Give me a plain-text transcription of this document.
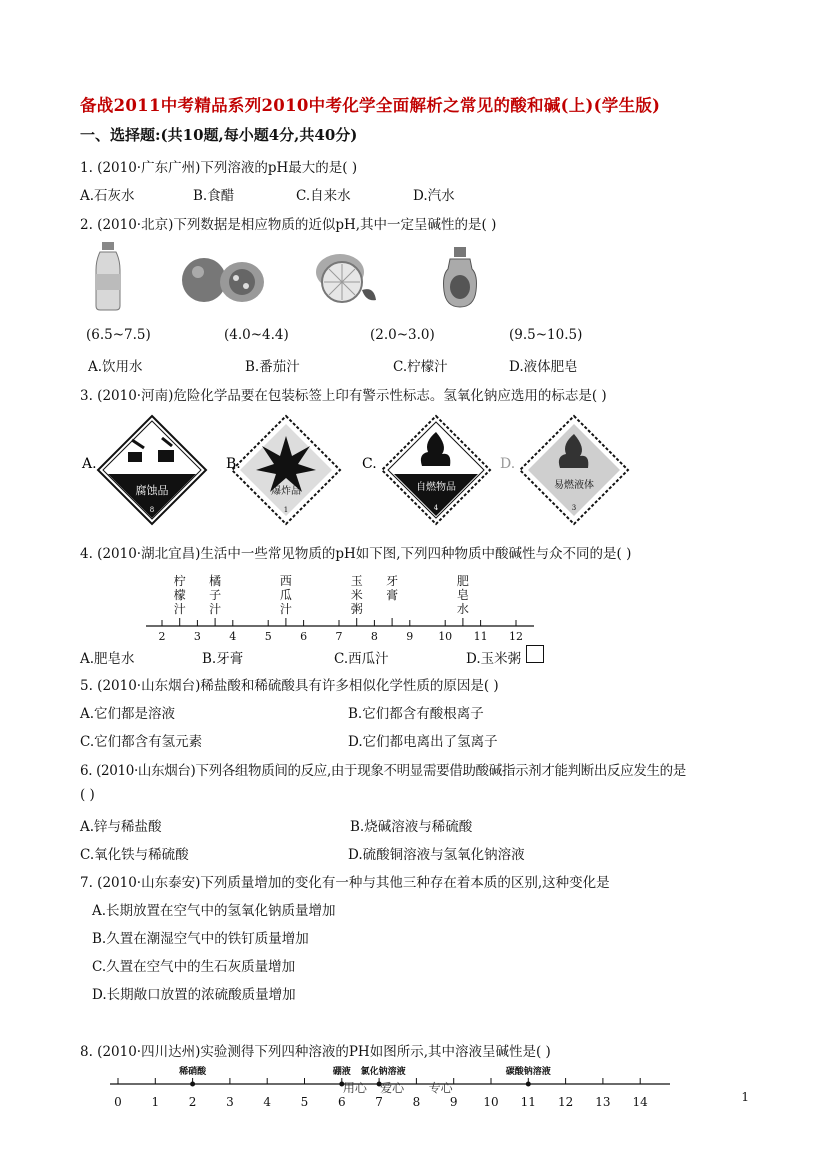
备战2011中考精品系列2010中考化学全面解析之常见的酸和碱(上)(学生版)
一、选择题:(共10题,每小题4分,共40分)
1. (2010·广东广州)下列溶液的pH最大的是( )
A.石灰水	B.食醋	C.自来水	D.汽水
2. (2010·北京)下列数据是相应物质的近似pH,其中一定呈碱性的是( )
(6.5~7.5)	(4.0~4.4)	(2.0~3.0)	(9.5~10.5)
A.饮用水	B.番茄汁	C.柠檬汁	D.液体肥皂
3. (2010·河南)危险化学品要在包装标签上印有警示性标志。氢氧化钠应选用的标志是( )
腐蚀品
8
A.
爆炸品
1
B.
自燃物品
4
C.
易燃液体
3
D.
4. (2010·湖北宜昌)生活中一些常见物质的pH如下图,下列四种物质中酸碱性与众不同的是( )
2	3	4	5	6	7	8	9 10 11 12
柠
檬
汁
橘
子
汁
西
瓜
汁
玉
米
粥
牙
膏
肥
皂
水
A.肥皂水	B.牙膏	C.西瓜汁	D.玉米粥
5. (2010·山东烟台)稀盐酸和稀硫酸具有许多相似化学性质的原因是( )
A.它们都是溶液	B.它们都含有酸根离子
C.它们都含有氢元素	D.它们都电离出了氢离子
6. (2010·山东烟台)下列各组物质间的反应,由于现象不明显需要借助酸碱指示剂才能判断出反应发生的是
( )
A.锌与稀盐酸	B.烧碱溶液与稀硫酸
C.氧化铁与稀硫酸	D.硫酸铜溶液与氢氧化钠溶液
7. (2010·山东泰安)下列质量增加的变化有一种与其他三种存在着本质的区别,这种变化是
A.长期放置在空气中的氢氧化钠质量增加
B.久置在潮湿空气中的铁钉质量增加
C.久置在空气中的生石灰质量增加
D.长期敞口放置的浓硫酸质量增加
8. (2010·四川达州)实验测得下列四种溶液的PH如图所示,其中溶液呈碱性是( )
0 1 2 3 4 5 6 7 8 9 10 11 12 13 14
稀硝酸	硼液 氯化钠溶液	碳酸钠溶液
用心 爱心 专心
1
